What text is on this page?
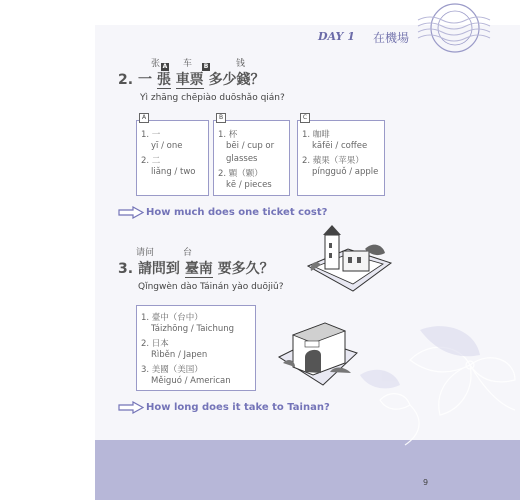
DAY 1 在機場
张 A 车 B	钱
2. 一 張 車票 多少錢？
Yì zhāng chēpiào duōshǎo qián?
A
1. 一
yī / one
2. 二
liǎng / two
B
1. 杯
bēi / cup or
glasses
2. 顆（颗）
kē / pieces
C
1. 咖啡
kāfēi / coffee
2. 蘋果（苹果）
píngguǒ / apple
How much does one ticket cost?
请问	台
3. 請問到 臺南 要多久？
Qǐngwèn dào Táinán yào duōjiǔ?
1. 臺中（台中）
Táizhōng / Taichung
2. 日本
Rìběn / Japen
3. 美國（美国）
Měiguó / American
How long does it take to Tainan?
9
